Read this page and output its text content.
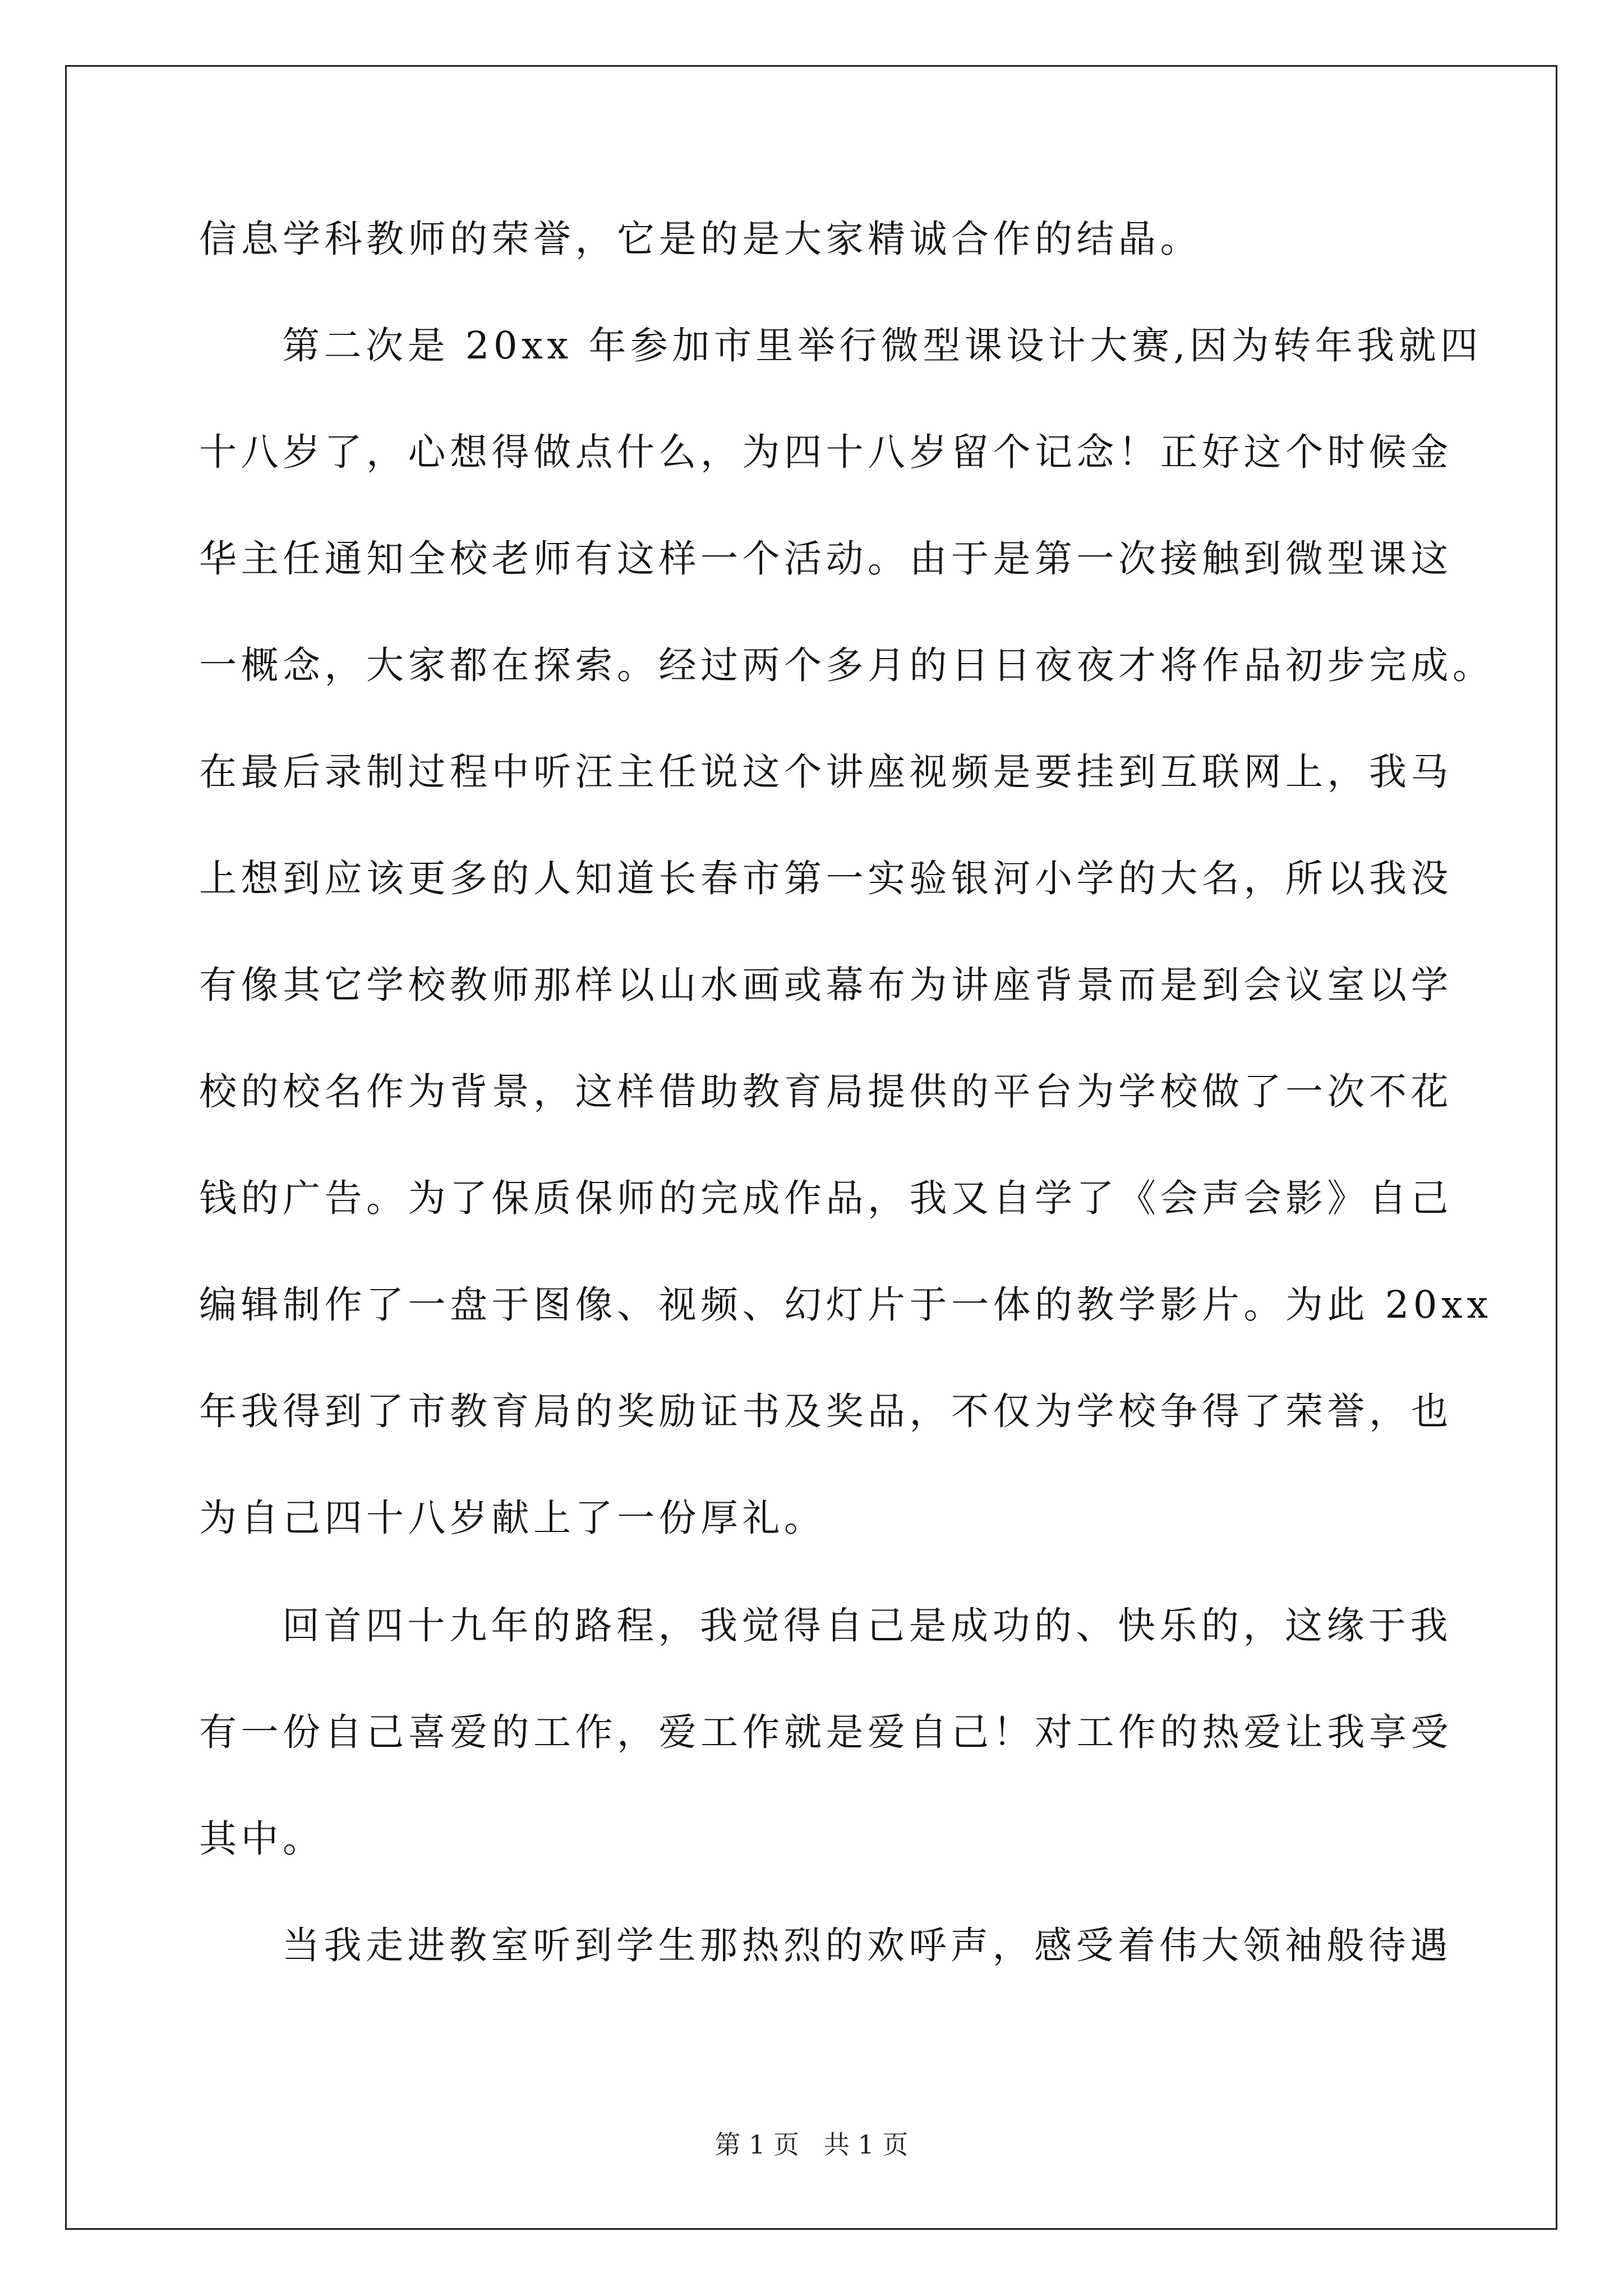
信息学科教师的荣誉，它是的是大家精诚合作的结晶。
第二次是 20xx 年参加市里举行微型课设计大赛,因为转年我就四
十八岁了，心想得做点什么，为四十八岁留个记念！正好这个时候金
华主任通知全校老师有这样一个活动。由于是第一次接触到微型课这
一概念，大家都在探索。经过两个多月的日日夜夜才将作品初步完成。
在最后录制过程中听汪主任说这个讲座视频是要挂到互联网上，我马
上想到应该更多的人知道长春市第一实验银河小学的大名，所以我没
有像其它学校教师那样以山水画或幕布为讲座背景而是到会议室以学
校的校名作为背景，这样借助教育局提供的平台为学校做了一次不花
钱的广告。为了保质保师的完成作品，我又自学了《会声会影》自己
编辑制作了一盘于图像、视频、幻灯片于一体的教学影片。为此 20xx
年我得到了市教育局的奖励证书及奖品，不仅为学校争得了荣誉，也
为自己四十八岁献上了一份厚礼。
回首四十九年的路程，我觉得自己是成功的、快乐的，这缘于我
有一份自己喜爱的工作，爱工作就是爱自己！对工作的热爱让我享受
其中。
当我走进教室听到学生那热烈的欢呼声，感受着伟大领袖般待遇
第 1 页   共 1 页
